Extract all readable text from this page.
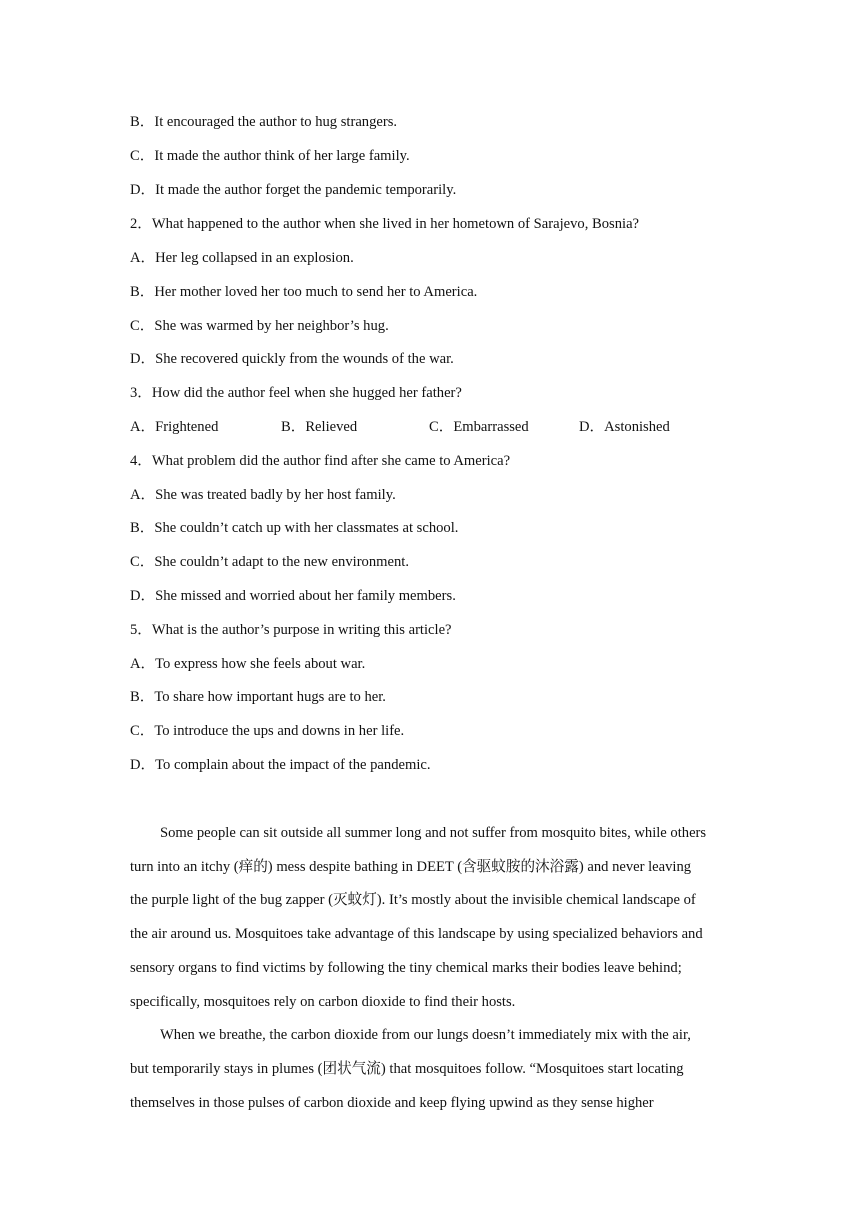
B．It encouraged the author to hug strangers.
C．It made the author think of her large family.
D．It made the author forget the pandemic temporarily.
2．What happened to the author when she lived in her hometown of Sarajevo, Bosnia?
A．Her leg collapsed in an explosion.
B．Her mother loved her too much to send her to America.
C．She was warmed by her neighbor’s hug.
D．She recovered quickly from the wounds of the war.
3．How did the author feel when she hugged her father?
A．Frightened	B．Relieved	C．Embarrassed	D．Astonished
4．What problem did the author find after she came to America?
A．She was treated badly by her host family.
B．She couldn’t catch up with her classmates at school.
C．She couldn’t adapt to the new environment.
D．She missed and worried about her family members.
5．What is the author’s purpose in writing this article?
A．To express how she feels about war.
B．To share how important hugs are to her.
C．To introduce the ups and downs in her life.
D．To complain about the impact of the pandemic.
Some people can sit outside all summer long and not suffer from mosquito bites, while others
turn into an itchy (痒的) mess despite bathing in DEET (含驱蚊胺的沐浴露) and never leaving
the purple light of the bug zapper (灭蚊灯). It’s mostly about the invisible chemical landscape of
the air around us. Mosquitoes take advantage of this landscape by using specialized behaviors and
sensory organs to find victims by following the tiny chemical marks their bodies leave behind;
specifically, mosquitoes rely on carbon dioxide to find their hosts.
When we breathe, the carbon dioxide from our lungs doesn’t immediately mix with the air,
but temporarily stays in plumes (团状气流) that mosquitoes follow. “Mosquitoes start locating
themselves in those pulses of carbon dioxide and keep flying upwind as they sense higher
